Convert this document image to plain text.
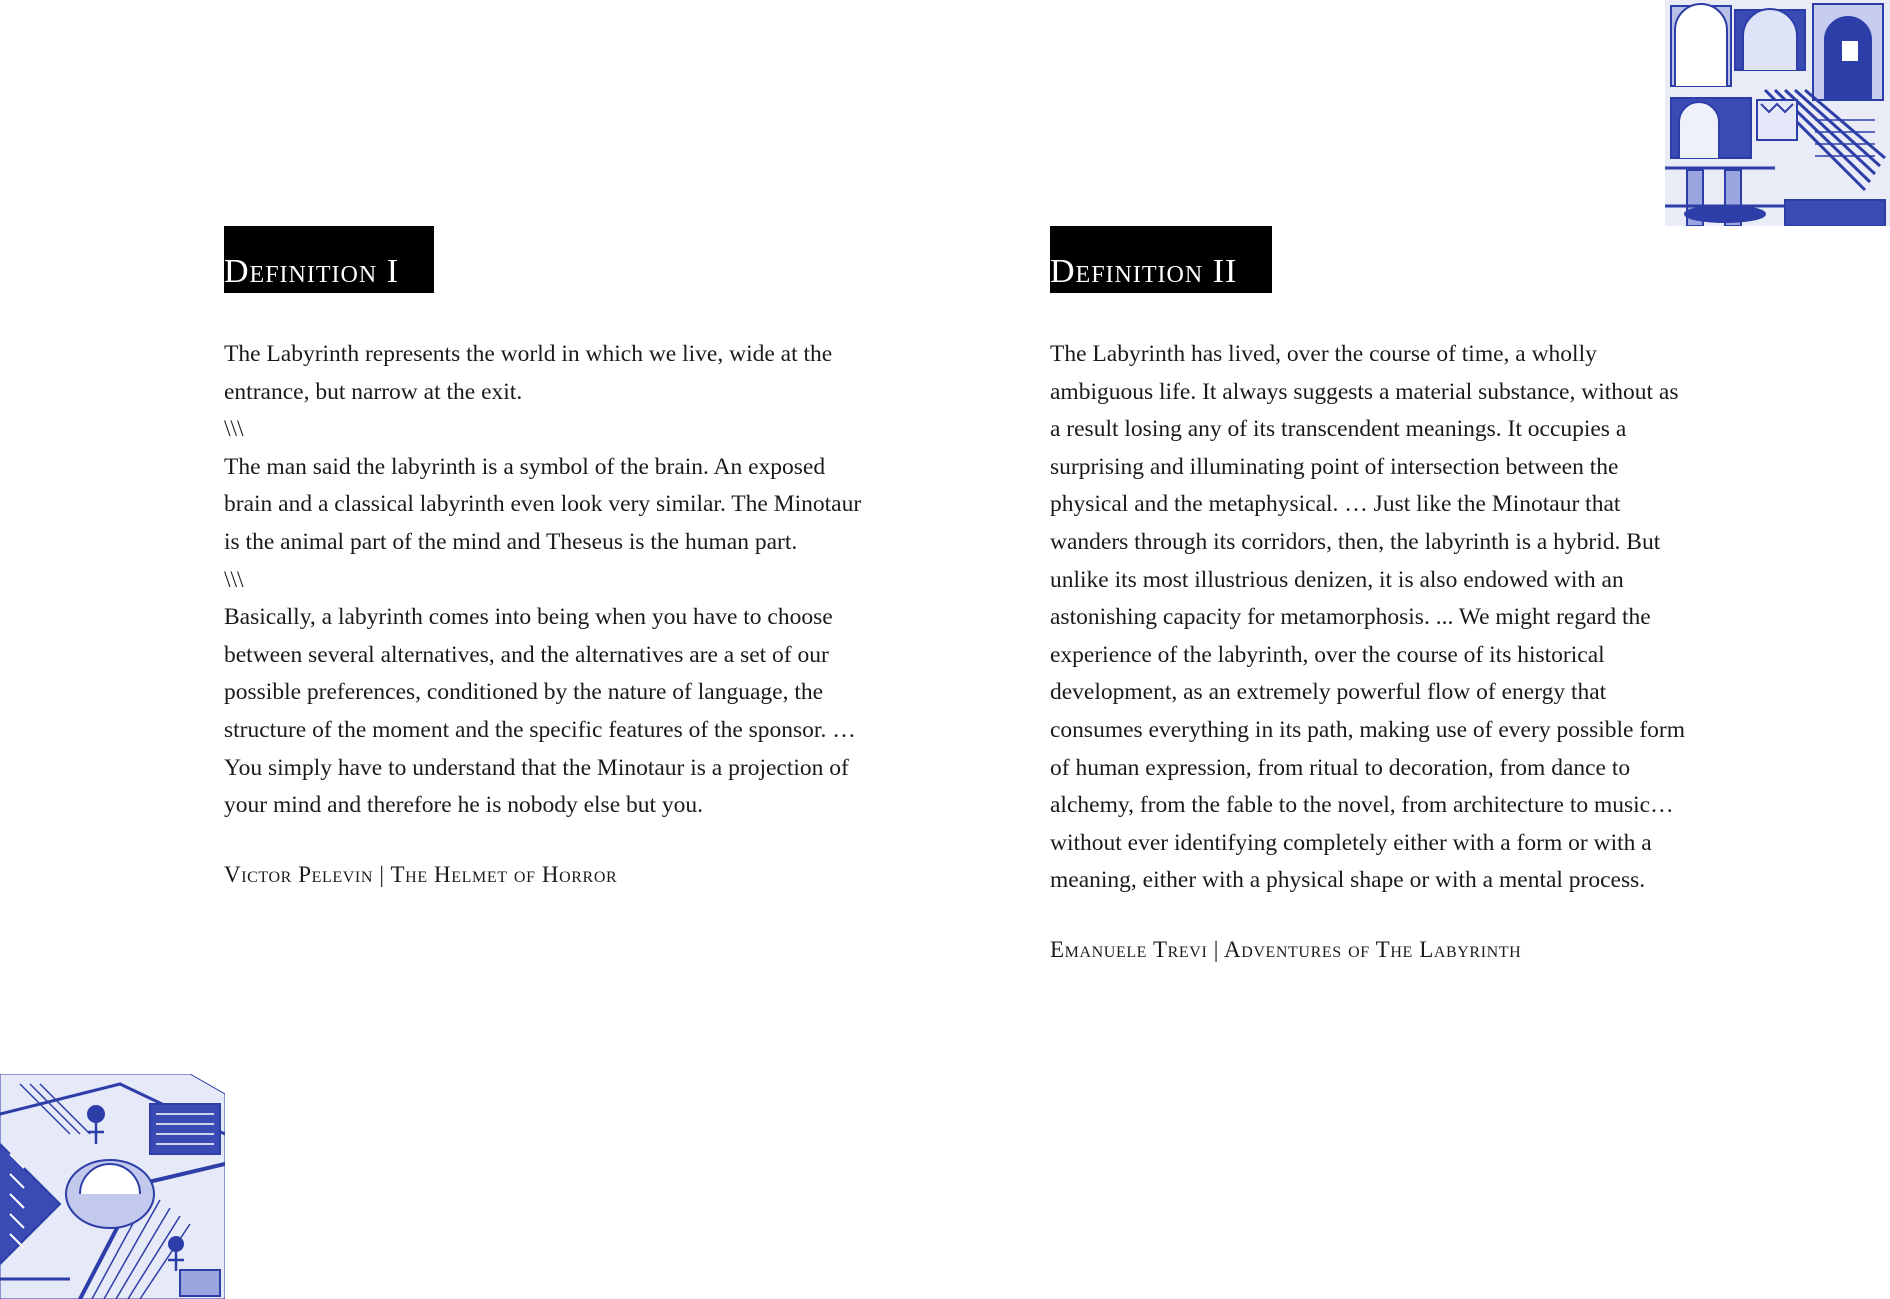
Definition I

The Labyrinth represents the world in which we live, wide at the entrance, but narrow at the exit.

\\\

The man said the labyrinth is a symbol of the brain. An exposed brain and a classical labyrinth even look very similar. The Minotaur is the animal part of the mind and Theseus is the human part.

\\\

Basically, a labyrinth comes into being when you have to choose between several alternatives, and the alternatives are a set of our possible preferences, conditioned by the nature of language, the structure of the moment and the specific features of the sponsor. … You simply have to understand that the Minotaur is a projection of your mind and therefore he is nobody else but you.

Victor Pelevin | The Helmet of Horror
Definition II

The Labyrinth has lived, over the course of time, a wholly ambiguous life. It always suggests a material substance, without as a result losing any of its transcendent meanings. It occupies a surprising and illuminating point of intersection between the physical and the metaphysical. … Just like the Minotaur that wanders through its corridors, then, the labyrinth is a hybrid. But unlike its most illustrious denizen, it is also endowed with an astonishing capacity for metamorphosis. ... We might regard the experience of the labyrinth, over the course of its historical development, as an extremely powerful flow of energy that consumes everything in its path, making use of every possible form of human expression, from ritual to decoration, from dance to alchemy, from the fable to the novel, from architecture to music… without ever identifying completely either with a form or with a meaning, either with a physical shape or with a mental process.

Emanuele Trevi | Adventures of The Labyrinth
